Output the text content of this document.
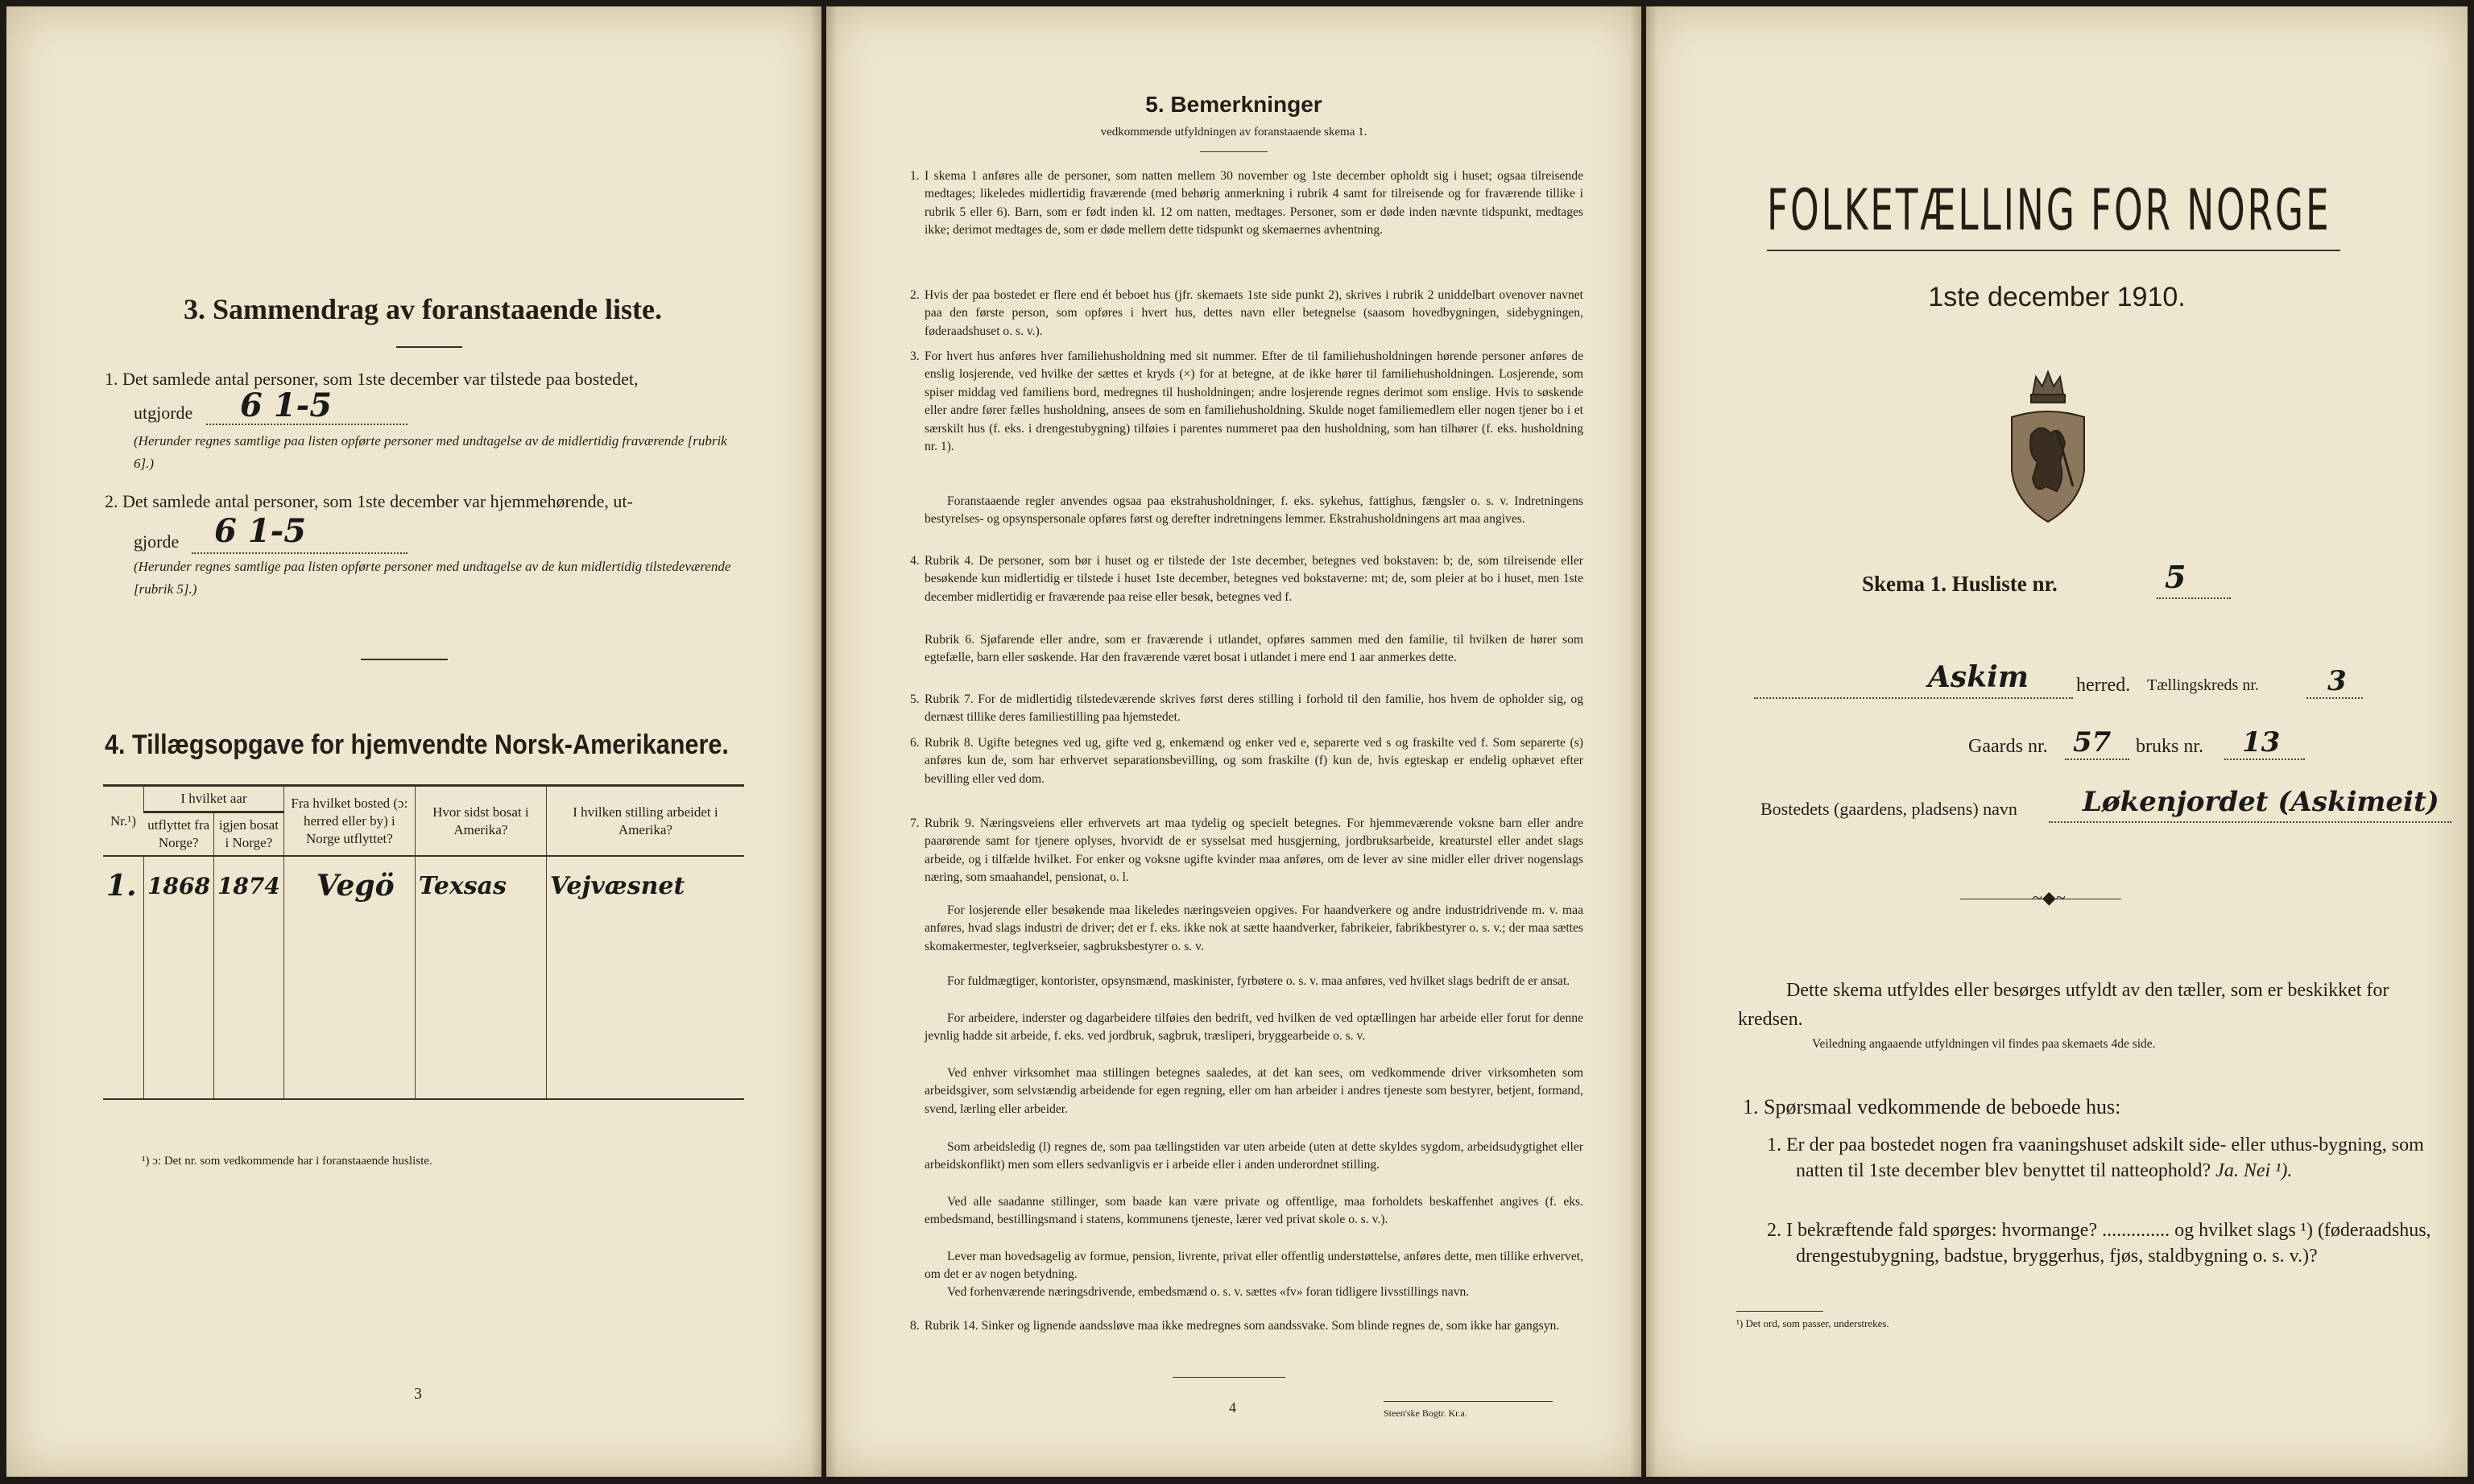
3. Sammendrag av foranstaaende liste.
1. Det samlede antal personer, som 1ste december var tilstede paa bostedet,
utgjorde 6 1-5
(Herunder regnes samtlige paa listen opførte personer med undtagelse av de midlertidig fraværende [rubrik 6].)
2. Det samlede antal personer, som 1ste december var hjemmehørende, ut-
gjorde 6 1-5
(Herunder regnes samtlige paa listen opførte personer med undtagelse av de kun midlertidig tilstedeværende [rubrik 5].)
4. Tillægsopgave for hjemvendte Norsk-Amerikanere.
Nr.¹)	I hvilket aar		Fra hvilket bosted (ɔ: herred eller by) i Norge utflyttet?	Hvor sidst bosat i Amerika?	I hvilken stilling arbeidet i Amerika?
	utflyttet fra Norge?	igjen bosat i Norge?			
1.	1868	1874	Vegö	Texsas	Vejvæsnet

¹) ɔ: Det nr. som vedkommende har i foranstaaende husliste.
3
5. Bemerkninger
vedkommende utfyldningen av foranstaaende skema 1.
1. I skema 1 anføres alle de personer, som natten mellem 30 november og 1ste december opholdt sig i huset; ogsaa tilreisende medtages; likeledes midlertidig fraværende (med behørig anmerkning i rubrik 4 samt for tilreisende og for fraværende tillike i rubrik 5 eller 6). Barn, som er født inden kl. 12 om natten, medtages. Personer, som er døde inden nævnte tidspunkt, medtages ikke; derimot medtages de, som er døde mellem dette tidspunkt og skemaernes avhentning.
2. Hvis der paa bostedet er flere end ét beboet hus (jfr. skemaets 1ste side punkt 2), skrives i rubrik 2 uniddelbart ovenover navnet paa den første person, som opføres i hvert hus, dettes navn eller betegnelse (saasom hovedbygningen, sidebygningen, føderaadshuset o. s. v.).
3. For hvert hus anføres hver familiehusholdning med sit nummer. Efter de til familiehusholdningen hørende personer anføres de enslig losjerende, ved hvilke der sættes et kryds (×) for at betegne, at de ikke hører til familiehusholdningen. Losjerende, som spiser middag ved familiens bord, medregnes til husholdningen; andre losjerende regnes derimot som enslige. Hvis to søskende eller andre fører fælles husholdning, ansees de som en familiehusholdning. Skulde noget familiemedlem eller nogen tjener bo i et særskilt hus (f. eks. i drengestubygning) tilføies i parentes nummeret paa den husholdning, som han tilhører (f. eks. husholdning nr. 1).
Foranstaaende regler anvendes ogsaa paa ekstrahusholdninger, f. eks. sykehus, fattighus, fængsler o. s. v. Indretningens bestyrelses- og opsynspersonale opføres først og derefter indretningens lemmer. Ekstrahusholdningens art maa angives.
4. Rubrik 4. De personer, som bør i huset og er tilstede der 1ste december, betegnes ved bokstaven: b; de, som tilreisende eller besøkende kun midlertidig er tilstede i huset 1ste december, betegnes ved bokstaverne: mt; de, som pleier at bo i huset, men 1ste december midlertidig er fraværende paa reise eller besøk, betegnes ved f.
Rubrik 6. Sjøfarende eller andre, som er fraværende i utlandet, opføres sammen med den familie, til hvilken de hører som egtefælle, barn eller søskende. Har den fraværende været bosat i utlandet i mere end 1 aar anmerkes dette.
5. Rubrik 7. For de midlertidig tilstedeværende skrives først deres stilling i forhold til den familie, hos hvem de opholder sig, og dernæst tillike deres familiestilling paa hjemstedet.
6. Rubrik 8. Ugifte betegnes ved ug, gifte ved g, enkemænd og enker ved e, separerte ved s og fraskilte ved f. Som separerte (s) anføres kun de, som har erhvervet separationsbevilling, og som fraskilte (f) kun de, hvis egteskap er endelig ophævet efter bevilling eller ved dom.
7. Rubrik 9. Næringsveiens eller erhvervets art maa tydelig og specielt betegnes. For hjemmeværende voksne barn eller andre paarørende samt for tjenere oplyses, hvorvidt de er sysselsat med husgjerning, jordbruksarbeide, kreaturstel eller andet slags arbeide, og i tilfælde hvilket. For enker og voksne ugifte kvinder maa anføres, om de lever av sine midler eller driver nogenslags næring, som smaahandel, pensionat, o. l.
For losjerende eller besøkende maa likeledes næringsveien opgives. For haandverkere og andre industridrivende m. v. maa anføres, hvad slags industri de driver; det er f. eks. ikke nok at sætte haandverker, fabrikeier, fabrikbestyrer o. s. v.; der maa sættes skomakermester, teglverkseier, sagbruksbestyrer o. s. v.
For fuldmægtiger, kontorister, opsynsmænd, maskinister, fyrbøtere o. s. v. maa anføres, ved hvilket slags bedrift de er ansat.
For arbeidere, inderster og dagarbeidere tilføies den bedrift, ved hvilken de ved optællingen har arbeide eller forut for denne jevnlig hadde sit arbeide, f. eks. ved jordbruk, sagbruk, træsliperi, bryggearbeide o. s. v.
Ved enhver virksomhet maa stillingen betegnes saaledes, at det kan sees, om vedkommende driver virksomheten som arbeidsgiver, som selvstændig arbeidende for egen regning, eller om han arbeider i andres tjeneste som bestyrer, betjent, formand, svend, lærling eller arbeider.
Som arbeidsledig (l) regnes de, som paa tællingstiden var uten arbeide (uten at dette skyldes sygdom, arbeidsudygtighet eller arbeidskonflikt) men som ellers sedvanligvis er i arbeide eller i anden underordnet stilling.
Ved alle saadanne stillinger, som baade kan være private og offentlige, maa forholdets beskaffenhet angives (f. eks. embedsmand, bestillingsmand i statens, kommunens tjeneste, lærer ved privat skole o. s. v.).
Lever man hovedsagelig av formue, pension, livrente, privat eller offentlig understøttelse, anføres dette, men tillike erhvervet, om det er av nogen betydning.
Ved forhenværende næringsdrivende, embedsmænd o. s. v. sættes «fv» foran tidligere livsstillings navn.
8. Rubrik 14. Sinker og lignende aandssløve maa ikke medregnes som aandssvake. Som blinde regnes de, som ikke har gangsyn.
4	Steen'ske Bogtr. Kr.a.
FOLKETÆLLING FOR NORGE
1ste december 1910.
Skema 1. Husliste nr.	5
Askim herred. Tællingskreds nr.	3
Gaards nr. 57 bruks nr. 13
Bostedets (gaardens, pladsens) navn Løkenjordet (Askimeit)
~◆~
Dette skema utfyldes eller besørges utfyldt av den tæller, som er beskikket for kredsen.
Veiledning angaaende utfyldningen vil findes paa skemaets 4de side.
1. Spørsmaal vedkommende de beboede hus:
1. Er der paa bostedet nogen fra vaaningshuset adskilt side- eller uthus-bygning, som natten til 1ste december blev benyttet til natteophold? Ja. Nei ¹).
2. I bekræftende fald spørges: hvormange? .............. og hvilket slags ¹) (føderaadshus, drengestubygning, badstue, bryggerhus, fjøs, staldbygning o. s. v.)?
¹) Det ord, som passer, understrekes.
